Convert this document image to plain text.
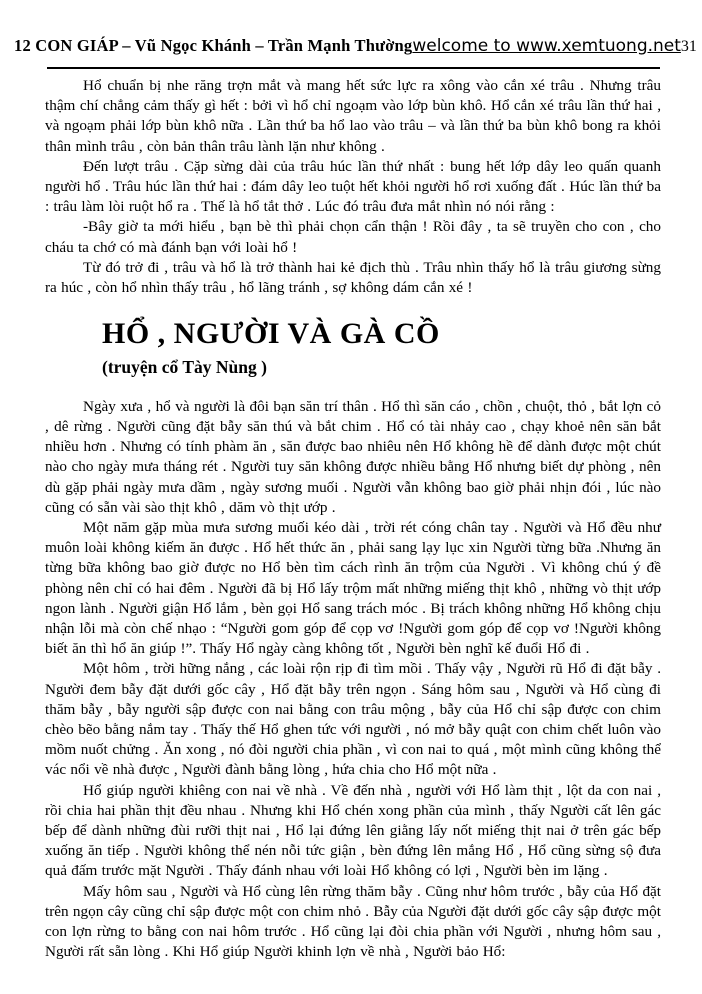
12 CON GIÁP – Vũ Ngọc Khánh – Trần Mạnh Thường welcome to www.xemtuong.net 31

Hổ chuẩn bị nhe răng trợn mắt và mang hết sức lực ra xông vào cắn xé trâu . Nhưng trâu thậm chí chẳng cảm thấy gì hết : bởi vì hổ chỉ ngoạm vào lớp bùn khô. Hổ cắn xé trâu lần thứ hai , và ngoạm phải lớp bùn khô nữa . Lần thứ ba hổ lao vào trâu – và lần thứ ba bùn khô bong ra khỏi thân mình trâu , còn bản thân trâu lành lặn như không .

Đến lượt trâu . Cặp sừng dài của trâu húc lần thứ nhất : bung hết lớp dây leo quấn quanh người hổ . Trâu húc lần thứ hai : đám dây leo tuột hết khỏi người hổ rơi xuống đất . Húc lần thứ ba : trâu làm lòi ruột hổ ra . Thế là hổ tắt thở . Lúc đó trâu đưa mắt nhìn nó nói rằng :

-Bây giờ ta mới hiểu , bạn bè thì phải chọn cẩn thận ! Rồi đây , ta sẽ truyền cho con , cho cháu ta chớ có mà đánh bạn với loài hổ !

Từ đó trở đi , trâu và hổ là trở thành hai kẻ địch thù . Trâu nhìn thấy hổ là trâu giương sừng ra húc , còn hổ nhìn thấy trâu , hổ lãng tránh , sợ không dám cắn xé !

HỔ , NGƯỜI VÀ GÀ CỒ
(truyện cổ Tày Nùng )

Ngày xưa , hổ và người là đôi bạn săn trí thân . Hổ thì săn cáo , chồn , chuột, thỏ , bắt lợn cỏ , dê rừng . Người cũng đặt bẫy săn thú và bắt chim . Hổ có tài nhảy cao , chạy khoẻ nên săn bắt nhiều hơn . Nhưng có tính phàm ăn , săn được bao nhiêu nên Hổ không hề để dành được một chút nào cho ngày mưa tháng rét . Người tuy săn không được nhiều bằng Hổ nhưng biết dự phòng , nên dù gặp phải ngày mưa dầm , ngày sương muối . Người vẫn không bao giờ phải nhịn đói , lúc nào cũng có sẵn vài sào thịt khô , dăm vò thịt ướp .

Một năm gặp mùa mưa sương muối kéo dài , trời rét cóng chân tay . Người và Hổ đều như muôn loài không kiếm ăn được . Hổ hết thức ăn , phải sang lạy lục xin Người từng bữa .Nhưng ăn từng bữa không bao giờ được no Hổ bèn tìm cách rình ăn trộm của Người . Vì không chú ý đề phòng nên chỉ có hai đêm . Người đã bị Hổ lấy trộm mất những miếng thịt khô , những vò thịt ướp ngon lành . Người giận Hổ lắm , bèn gọi Hổ sang trách móc . Bị trách không những Hổ không chịu nhận lỗi mà còn chế nhạo : “Người gom góp để cọp vơ !Người gom góp để cọp vơ !Người không biết ăn thì hổ ăn giúp !”. Thấy Hổ ngày càng không tốt , Người bèn nghĩ kế đuổi Hổ đi .

Một hôm , trời hững nắng , các loài rộn rịp đi tìm mồi . Thấy vậy , Người rũ Hổ đi đặt bẫy . Người đem bẫy đặt dưới gốc cây , Hổ đặt bẫy trên ngọn . Sáng hôm sau , Người và Hổ cùng đi thăm bẫy , bẫy người sập được con nai bằng con trâu mộng , bẫy của Hổ chỉ sập được con chim chèo bẽo bằng nắm tay . Thấy thế Hổ ghen tức với người , nó mở bẫy quật con chim chết luôn vào mồm nuốt chửng . Ăn xong , nó đòi người chia phần , vì con nai to quá , một mình cũng không thể vác nổi về nhà được , Người đành bằng lòng , hứa chia cho Hổ một nữa .

Hổ giúp người khiêng con nai về nhà . Về đến nhà , người với Hổ làm thịt , lột da con nai , rồi chia hai phần thịt đều nhau . Nhưng khi Hổ chén xong phần của mình , thấy Người cất lên gác bếp để dành những đùi rưỡi thịt nai , Hổ lại đứng lên giằng lấy nốt miếng thịt nai ở trên gác bếp xuống ăn tiếp . Người không thể nén nỗi tức giận , bèn đứng lên mắng Hổ , Hổ cũng sừng sộ đưa quả đấm trước mặt Người . Thấy đánh nhau với loài Hổ không có lợi , Người bèn im lặng .

Mấy hôm sau , Người và Hổ cùng lên rừng thăm bẫy . Cũng như hôm trước , bẫy của Hổ đặt trên ngọn cây cũng chỉ sập được một con chim nhỏ . Bẫy của Người đặt dưới gốc cây sập được một con lợn rừng to bằng con nai hôm trước . Hổ cũng lại đòi chia phần với Người , nhưng hôm sau , Người rất sẵn lòng . Khi Hổ giúp Người khinh lợn về nhà , Người bảo Hổ:
